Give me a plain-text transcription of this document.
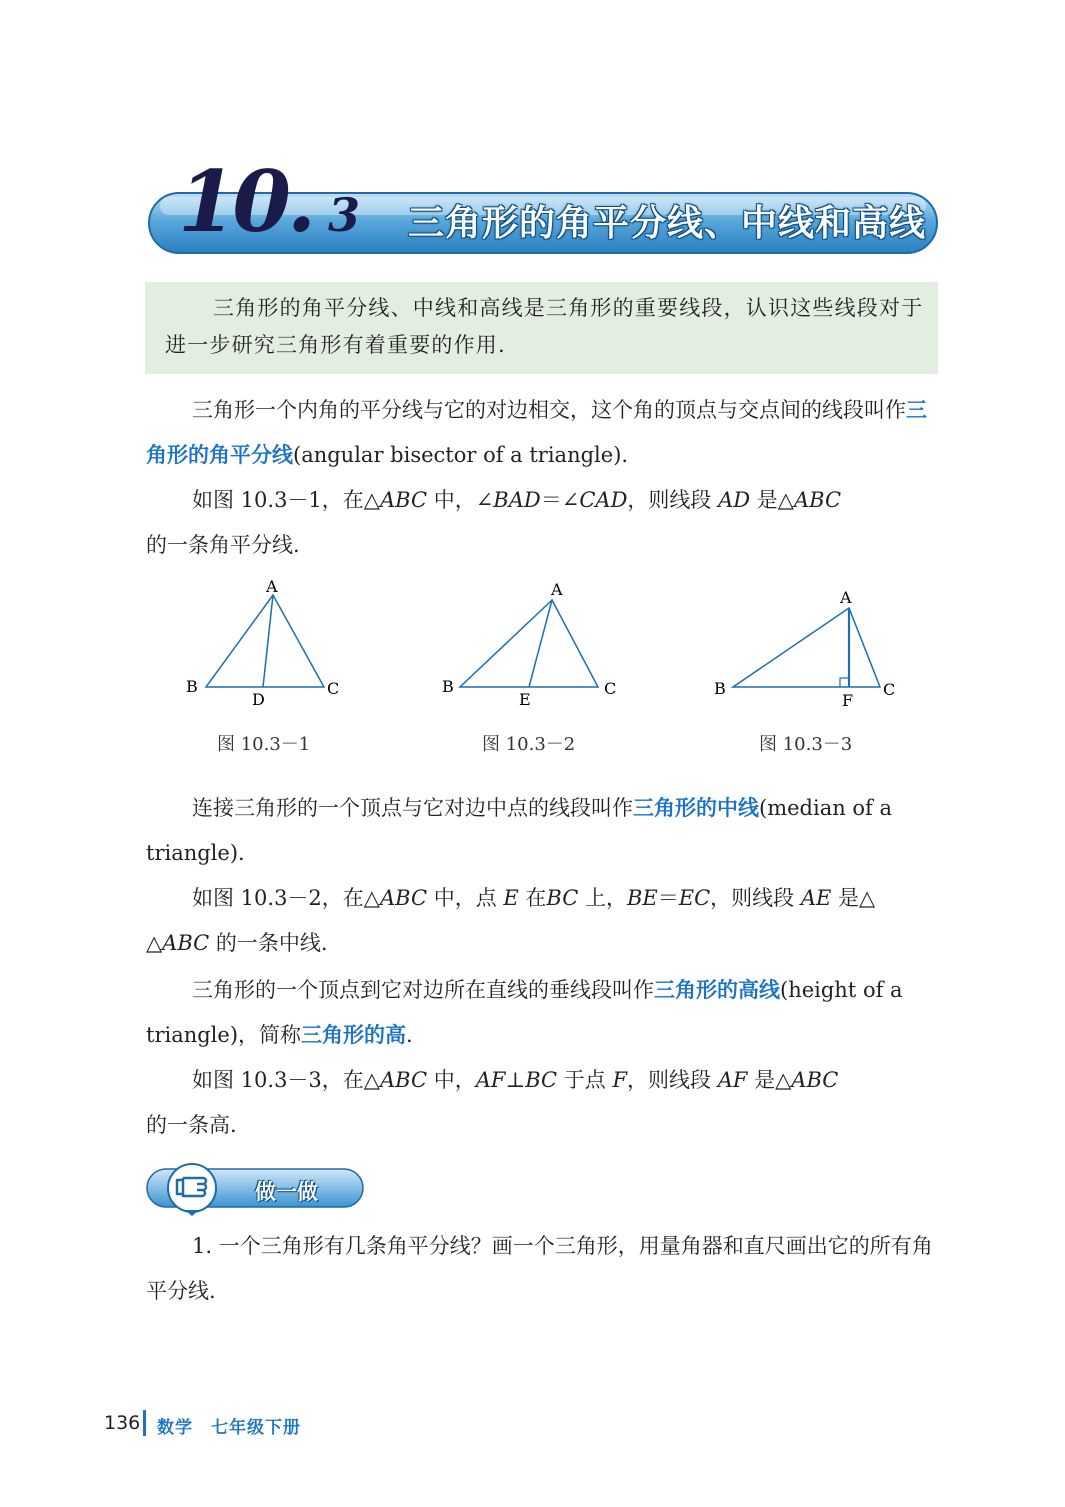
10. 3 三角形的角平分线、中线和高线
三角形的角平分线、中线和高线是三角形的重要线段，认识这些线段对于进一步研究三角形有着重要的作用.
三角形一个内角的平分线与它的对边相交，这个角的顶点与交点间的线段叫作三角形的角平分线(angular bisector of a triangle).
如图 10.3－1，在△ABC 中，∠BAD＝∠CAD，则线段 AD 是△ABC
的一条角平分线.
A
B	C
D
图 10.3－1
A
B	C
E
图 10.3－2
A
B	C
F
图 10.3－3
连接三角形的一个顶点与它对边中点的线段叫作三角形的中线(median of a triangle).
如图 10.3－2，在△ABC 中，点 E 在BC 上，BE＝EC，则线段 AE 是△
△ABC 的一条中线.
三角形的一个顶点到它对边所在直线的垂线段叫作三角形的高线(height of a triangle)，简称三角形的高.
如图 10.3－3，在△ABC 中，AF⊥BC 于点 F，则线段 AF 是△ABC
的一条高.
做一做
1. 一个三角形有几条角平分线？画一个三角形，用量角器和直尺画出它的所有角平分线.
136 数学　七年级下册
